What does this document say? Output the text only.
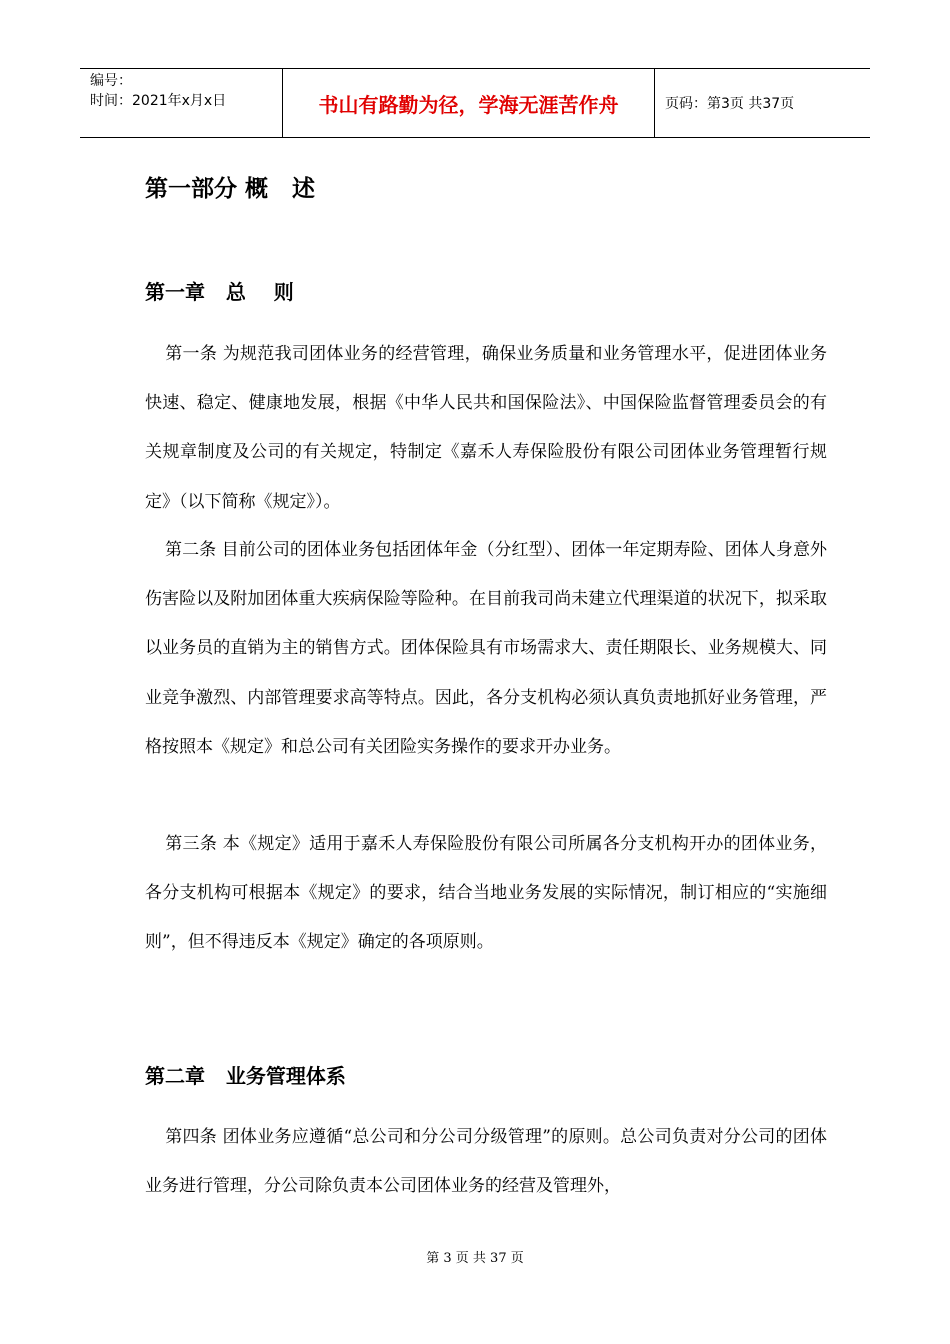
编号：
时间：2021年x月x日	书山有路勤为径，学海无涯苦作舟	页码：第3页 共37页
第一部分 概   述
第一章   总    则
第一条 为规范我司团体业务的经营管理，确保业务质量和业务管理水平，促进团体业务快速、稳定、健康地发展，根据《中华人民共和国保险法》、中国保险监督管理委员会的有关规章制度及公司的有关规定，特制定《嘉禾人寿保险股份有限公司团体业务管理暂行规定》（以下简称《规定》）。
第二条 目前公司的团体业务包括团体年金（分红型）、团体一年定期寿险、团体人身意外伤害险以及附加团体重大疾病保险等险种。在目前我司尚未建立代理渠道的状况下，拟采取以业务员的直销为主的销售方式。团体保险具有市场需求大、责任期限长、业务规模大、同业竞争激烈、内部管理要求高等特点。因此，各分支机构必须认真负责地抓好业务管理，严格按照本《规定》和总公司有关团险实务操作的要求开办业务。
第三条 本《规定》适用于嘉禾人寿保险股份有限公司所属各分支机构开办的团体业务，各分支机构可根据本《规定》的要求，结合当地业务发展的实际情况，制订相应的“实施细则”，但不得违反本《规定》确定的各项原则。
第二章   业务管理体系
第四条 团体业务应遵循“总公司和分公司分级管理”的原则。总公司负责对分公司的团体业务进行管理，分公司除负责本公司团体业务的经营及管理外，
第 3 页 共 37 页
